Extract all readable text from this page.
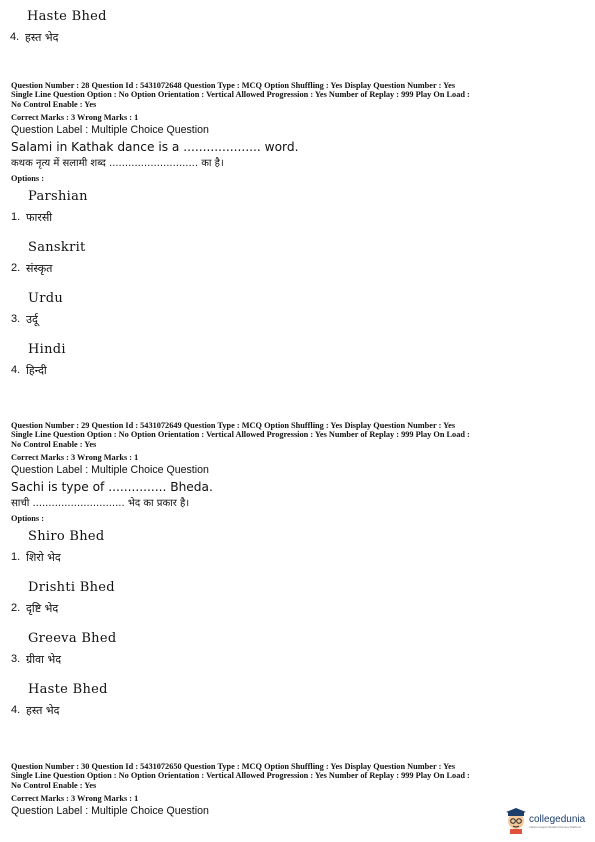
Haste Bhed
4. हस्त भेद

Question Number : 28 Question Id : 5431072648 Question Type : MCQ Option Shuffling : Yes Display Question Number : Yes

Single Line Question Option : No Option Orientation : Vertical Allowed Progression : Yes Number of Replay : 999 Play On Load :

No Control Enable : Yes

Correct Marks : 3 Wrong Marks : 1
Question Label : Multiple Choice Question
Salami in Kathak dance is a .................... word.
कथक नृत्य में सलामी शब्द ............................ का है।
Options :
Parshian
1. फारसी
Sanskrit
2. संस्कृत
Urdu
3. उर्दू
Hindi
4. हिन्दी

Question Number : 29 Question Id : 5431072649 Question Type : MCQ Option Shuffling : Yes Display Question Number : Yes

Single Line Question Option : No Option Orientation : Vertical Allowed Progression : Yes Number of Replay : 999 Play On Load :

No Control Enable : Yes

Correct Marks : 3 Wrong Marks : 1
Question Label : Multiple Choice Question
Sachi is type of ............... Bheda.
साची ............................. भेद का प्रकार है।
Options :
Shiro Bhed
1. शिरो भेद
Drishti Bhed
2. दृष्टि भेद
Greeva Bhed
3. ग्रीवा भेद
Haste Bhed
4. हस्त भेद

Question Number : 30 Question Id : 5431072650 Question Type : MCQ Option Shuffling : Yes Display Question Number : Yes

Single Line Question Option : No Option Orientation : Vertical Allowed Progression : Yes Number of Replay : 999 Play On Load :

No Control Enable : Yes

Correct Marks : 3 Wrong Marks : 1
Question Label : Multiple Choice Question
collegedunia
India's largest Student Review Platform
